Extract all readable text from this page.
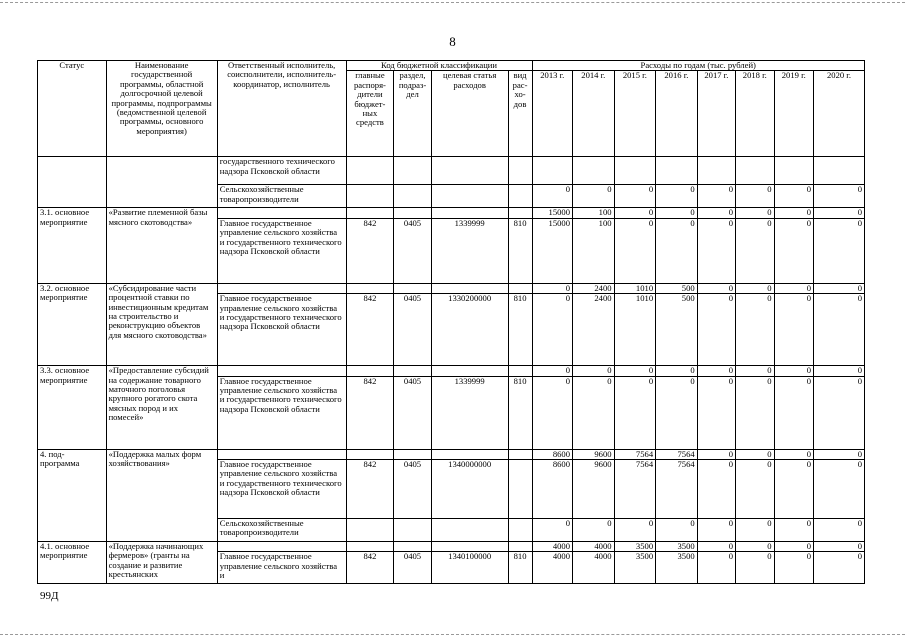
8
Статус	Наименование государственной программы, областной долгосрочной целевой программы, подпрограммы (ведомственной целевой программы, основного мероприятия)	Ответственный исполнитель, соисполнители, исполнитель-координатор, исполнитель	Код бюджетной классификации				Расходы по годам (тыс. рублей)							
			главные распоря-дители бюджет-ных средств	раздел, подраз-дел	целевая статья расходов	вид рас-хо-дов	2013 г.	2014 г.	2015 г.	2016 г.	2017 г.	2018 г.	2019 г.	2020 г.
		государственного технического надзора Псковской области												
		Сельскохозяйственные товаропроизводители					0	0	0	0	0	0	0	0
3.1. основное мероприятие	«Развитие племенной базы мясного скотоводства»						15000	100	0	0	0	0	0	0
		Главное государственное управление сельского хозяйства и государственного технического надзора Псковской области	842	0405	1339999	810	15000	100	0	0	0	0	0	0
3.2. основное мероприятие	«Субсидирование части процентной ставки по инвестиционным кредитам на строительство и реконструкцию объектов для мясного скотоводства»						0	2400	1010	500	0	0	0	0
		Главное государственное управление сельского хозяйства и государственного технического надзора Псковской области	842	0405	1330200000	810	0	2400	1010	500	0	0	0	0
3.3. основное мероприятие	«Предоставление субсидий на содержание товарного маточного поголовья крупного рогатого скота мясных пород и их помесей»						0	0	0	0	0	0	0	0
		Главное государственное управление сельского хозяйства и государственного технического надзора Псковской области	842	0405	1339999	810	0	0	0	0	0	0	0	0
4. под-программа	«Поддержка малых форм хозяйствования»						8600	9600	7564	7564	0	0	0	0
		Главное государственное управление сельского хозяйства и государственного технического надзора Псковской области	842	0405	1340000000		8600	9600	7564	7564	0	0	0	0
		Сельскохозяйственные товаропроизводители					0	0	0	0	0	0	0	0
4.1. основное мероприятие	«Поддержка начинающих фермеров» (гранты на создание и развитие крестьянских						4000	4000	3500	3500	0	0	0	0
		Главное государственное управление сельского хозяйства и	842	0405	1340100000	810	4000	4000	3500	3500	0	0	0	0
99Д
